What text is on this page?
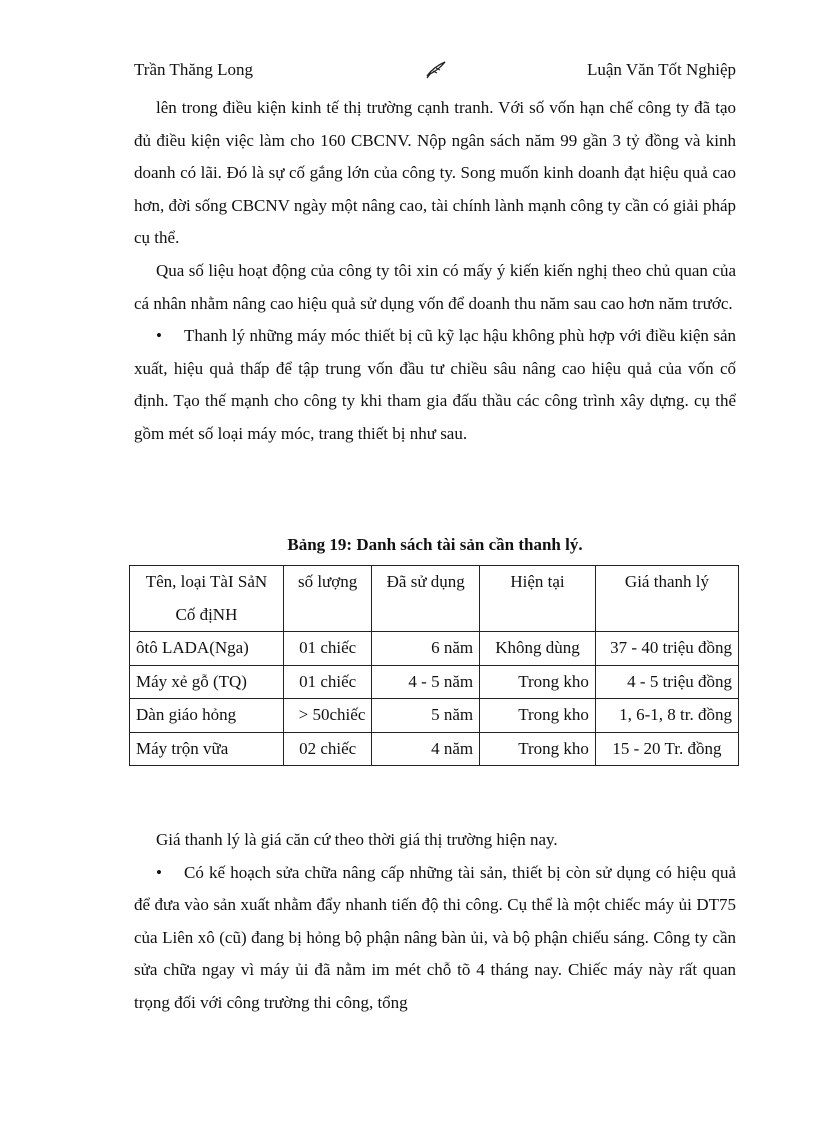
Trần Thăng Long	Luận Văn Tốt Nghiệp

lên trong điều kiện kinh tế thị trường cạnh tranh. Với số vốn hạn chế công ty đã tạo đủ điều kiện việc làm cho 160 CBCNV. Nộp ngân sách năm 99 gần 3 tỷ đồng và kinh doanh có lãi. Đó là sự cố gắng lớn của công ty. Song muốn kinh doanh đạt hiệu quả cao hơn, đời sống CBCNV ngày một nâng cao, tài chính lành mạnh công ty cần có giải pháp cụ thể.

Qua số liệu hoạt động của công ty tôi xin có mấy ý kiến kiến nghị theo chủ quan của cá nhân nhằm nâng cao hiệu quả sử dụng vốn để doanh thu năm sau cao hơn năm trước.

• Thanh lý những máy móc thiết bị cũ kỹ lạc hậu không phù hợp với điều kiện sản xuất, hiệu quả thấp để tập trung vốn đầu tư chiều sâu nâng cao hiệu quả của vốn cố định. Tạo thế mạnh cho công ty khi tham gia đấu thầu các công trình xây dựng. cụ thể gồm mét số loại máy móc, trang thiết bị như sau.

Bảng 19: Danh sách tài sản cần thanh lý.
Tên, loại TàI SảN Cố địNH	số lượng	Đã sử dụng	Hiện tại	Giá thanh lý
ôtô LADA(Nga)	01 chiếc	6 năm	Không dùng	37 - 40 triệu đồng
Máy xẻ gỗ (TQ)	01 chiếc	4 - 5 năm	Trong kho	4 - 5 triệu đồng
Dàn giáo hỏng	> 50chiếc	5 năm	Trong kho	1, 6-1, 8 tr. đồng
Máy trộn vữa	02 chiếc	4 năm	Trong kho	15 - 20 Tr. đồng

Giá thanh lý là giá căn cứ theo thời giá thị trường hiện nay.

• Có kế hoạch sửa chữa nâng cấp những tài sản, thiết bị còn sử dụng có hiệu quả để đưa vào sản xuất nhằm đẩy nhanh tiến độ thi công. Cụ thể là một chiếc máy ủi DT75 của Liên xô (cũ) đang bị hỏng bộ phận nâng bàn ủi, và bộ phận chiếu sáng. Công ty cần sửa chữa ngay vì máy ủi đã nằm im mét chỗ tõ 4 tháng nay. Chiếc máy này rất quan trọng đối với công trường thi công, tổng
